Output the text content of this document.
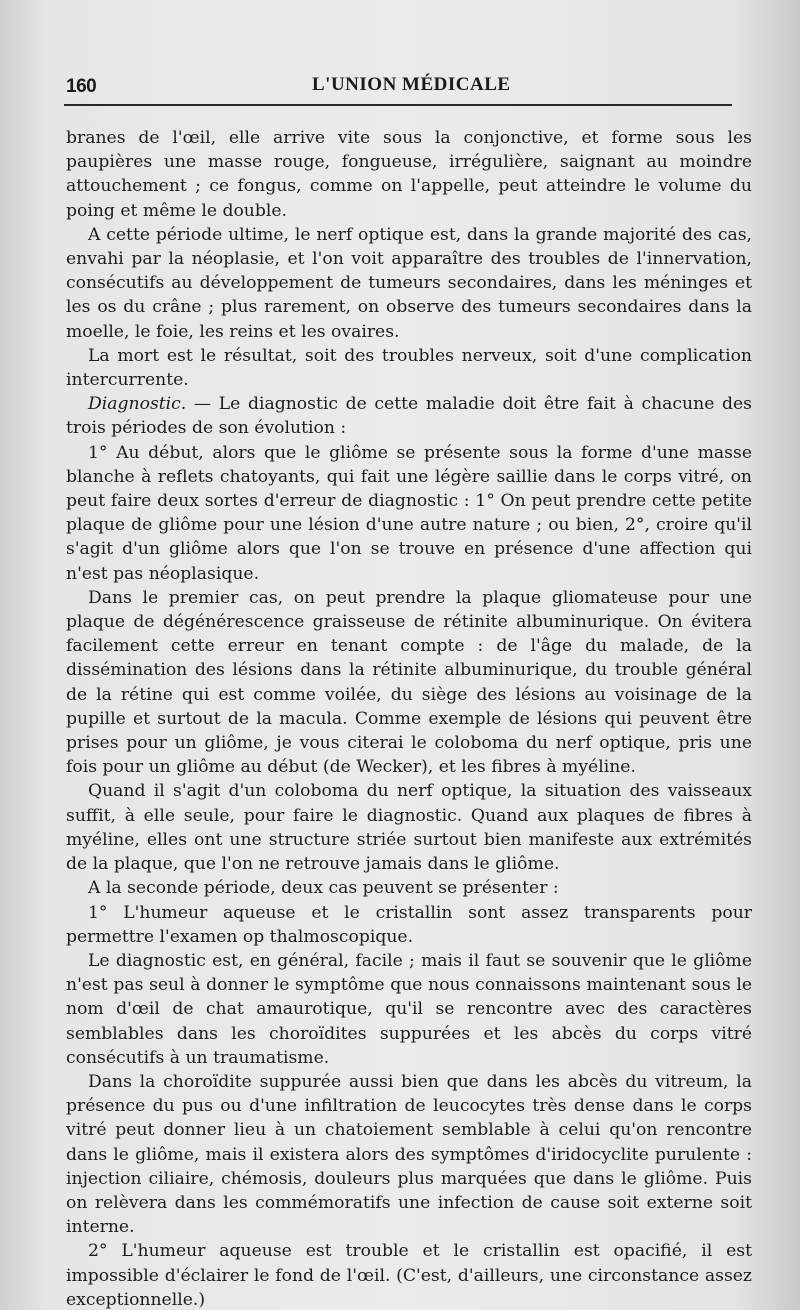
160	L'UNION MÉDICALE

branes de l'œil, elle arrive vite sous la conjonctive, et forme sous les paupières une masse rouge, fongueuse, irrégulière, saignant au moindre attouchement ; ce fongus, comme on l'appelle, peut atteindre le volume du poing et même le double.

A cette période ultime, le nerf optique est, dans la grande majorité des cas, envahi par la néoplasie, et l'on voit apparaître des troubles de l'innervation, consécutifs au développement de tumeurs secondaires, dans les méninges et les os du crâne ; plus rarement, on observe des tumeurs secondaires dans la moelle, le foie, les reins et les ovaires.

La mort est le résultat, soit des troubles nerveux, soit d'une complication intercurrente.

Diagnostic. — Le diagnostic de cette maladie doit être fait à chacune des trois périodes de son évolution :

1° Au début, alors que le gliôme se présente sous la forme d'une masse blanche à reflets chatoyants, qui fait une légère saillie dans le corps vitré, on peut faire deux sortes d'erreur de diagnostic : 1° On peut prendre cette petite plaque de gliôme pour une lésion d'une autre nature ; ou bien, 2°, croire qu'il s'agit d'un gliôme alors que l'on se trouve en présence d'une affection qui n'est pas néoplasique.

Dans le premier cas, on peut prendre la plaque gliomateuse pour une plaque de dégénérescence graisseuse de rétinite albuminurique. On évitera facilement cette erreur en tenant compte : de l'âge du malade, de la dissémination des lésions dans la rétinite albuminurique, du trouble général de la rétine qui est comme voilée, du siège des lésions au voisinage de la pupille et surtout de la macula. Comme exemple de lésions qui peuvent être prises pour un gliôme, je vous citerai le coloboma du nerf optique, pris une fois pour un gliôme au début (de Wecker), et les fibres à myéline.

Quand il s'agit d'un coloboma du nerf optique, la situation des vaisseaux suffit, à elle seule, pour faire le diagnostic. Quand aux plaques de fibres à myéline, elles ont une structure striée surtout bien manifeste aux extrémités de la plaque, que l'on ne retrouve jamais dans le gliôme.

A la seconde période, deux cas peuvent se présenter :

1° L'humeur aqueuse et le cristallin sont assez transparents pour permettre l'examen op thalmoscopique.

Le diagnostic est, en général, facile ; mais il faut se souvenir que le gliôme n'est pas seul à donner le symptôme que nous connaissons maintenant sous le nom d'œil de chat amaurotique, qu'il se rencontre avec des caractères semblables dans les choroïdites suppurées et les abcès du corps vitré consécutifs à un traumatisme.

Dans la choroïdite suppurée aussi bien que dans les abcès du vitreum, la présence du pus ou d'une infiltration de leucocytes très dense dans le corps vitré peut donner lieu à un chatoiement semblable à celui qu'on rencontre dans le gliôme, mais il existera alors des symptômes d'iridocyclite purulente : injection ciliaire, chémosis, douleurs plus marquées que dans le gliôme. Puis on relèvera dans les commémoratifs une infection de cause soit externe soit interne.

2° L'humeur aqueuse est trouble et le cristallin est opacifié, il est impossible d'éclairer le fond de l'œil. (C'est, d'ailleurs, une circonstance assez exceptionnelle.)
